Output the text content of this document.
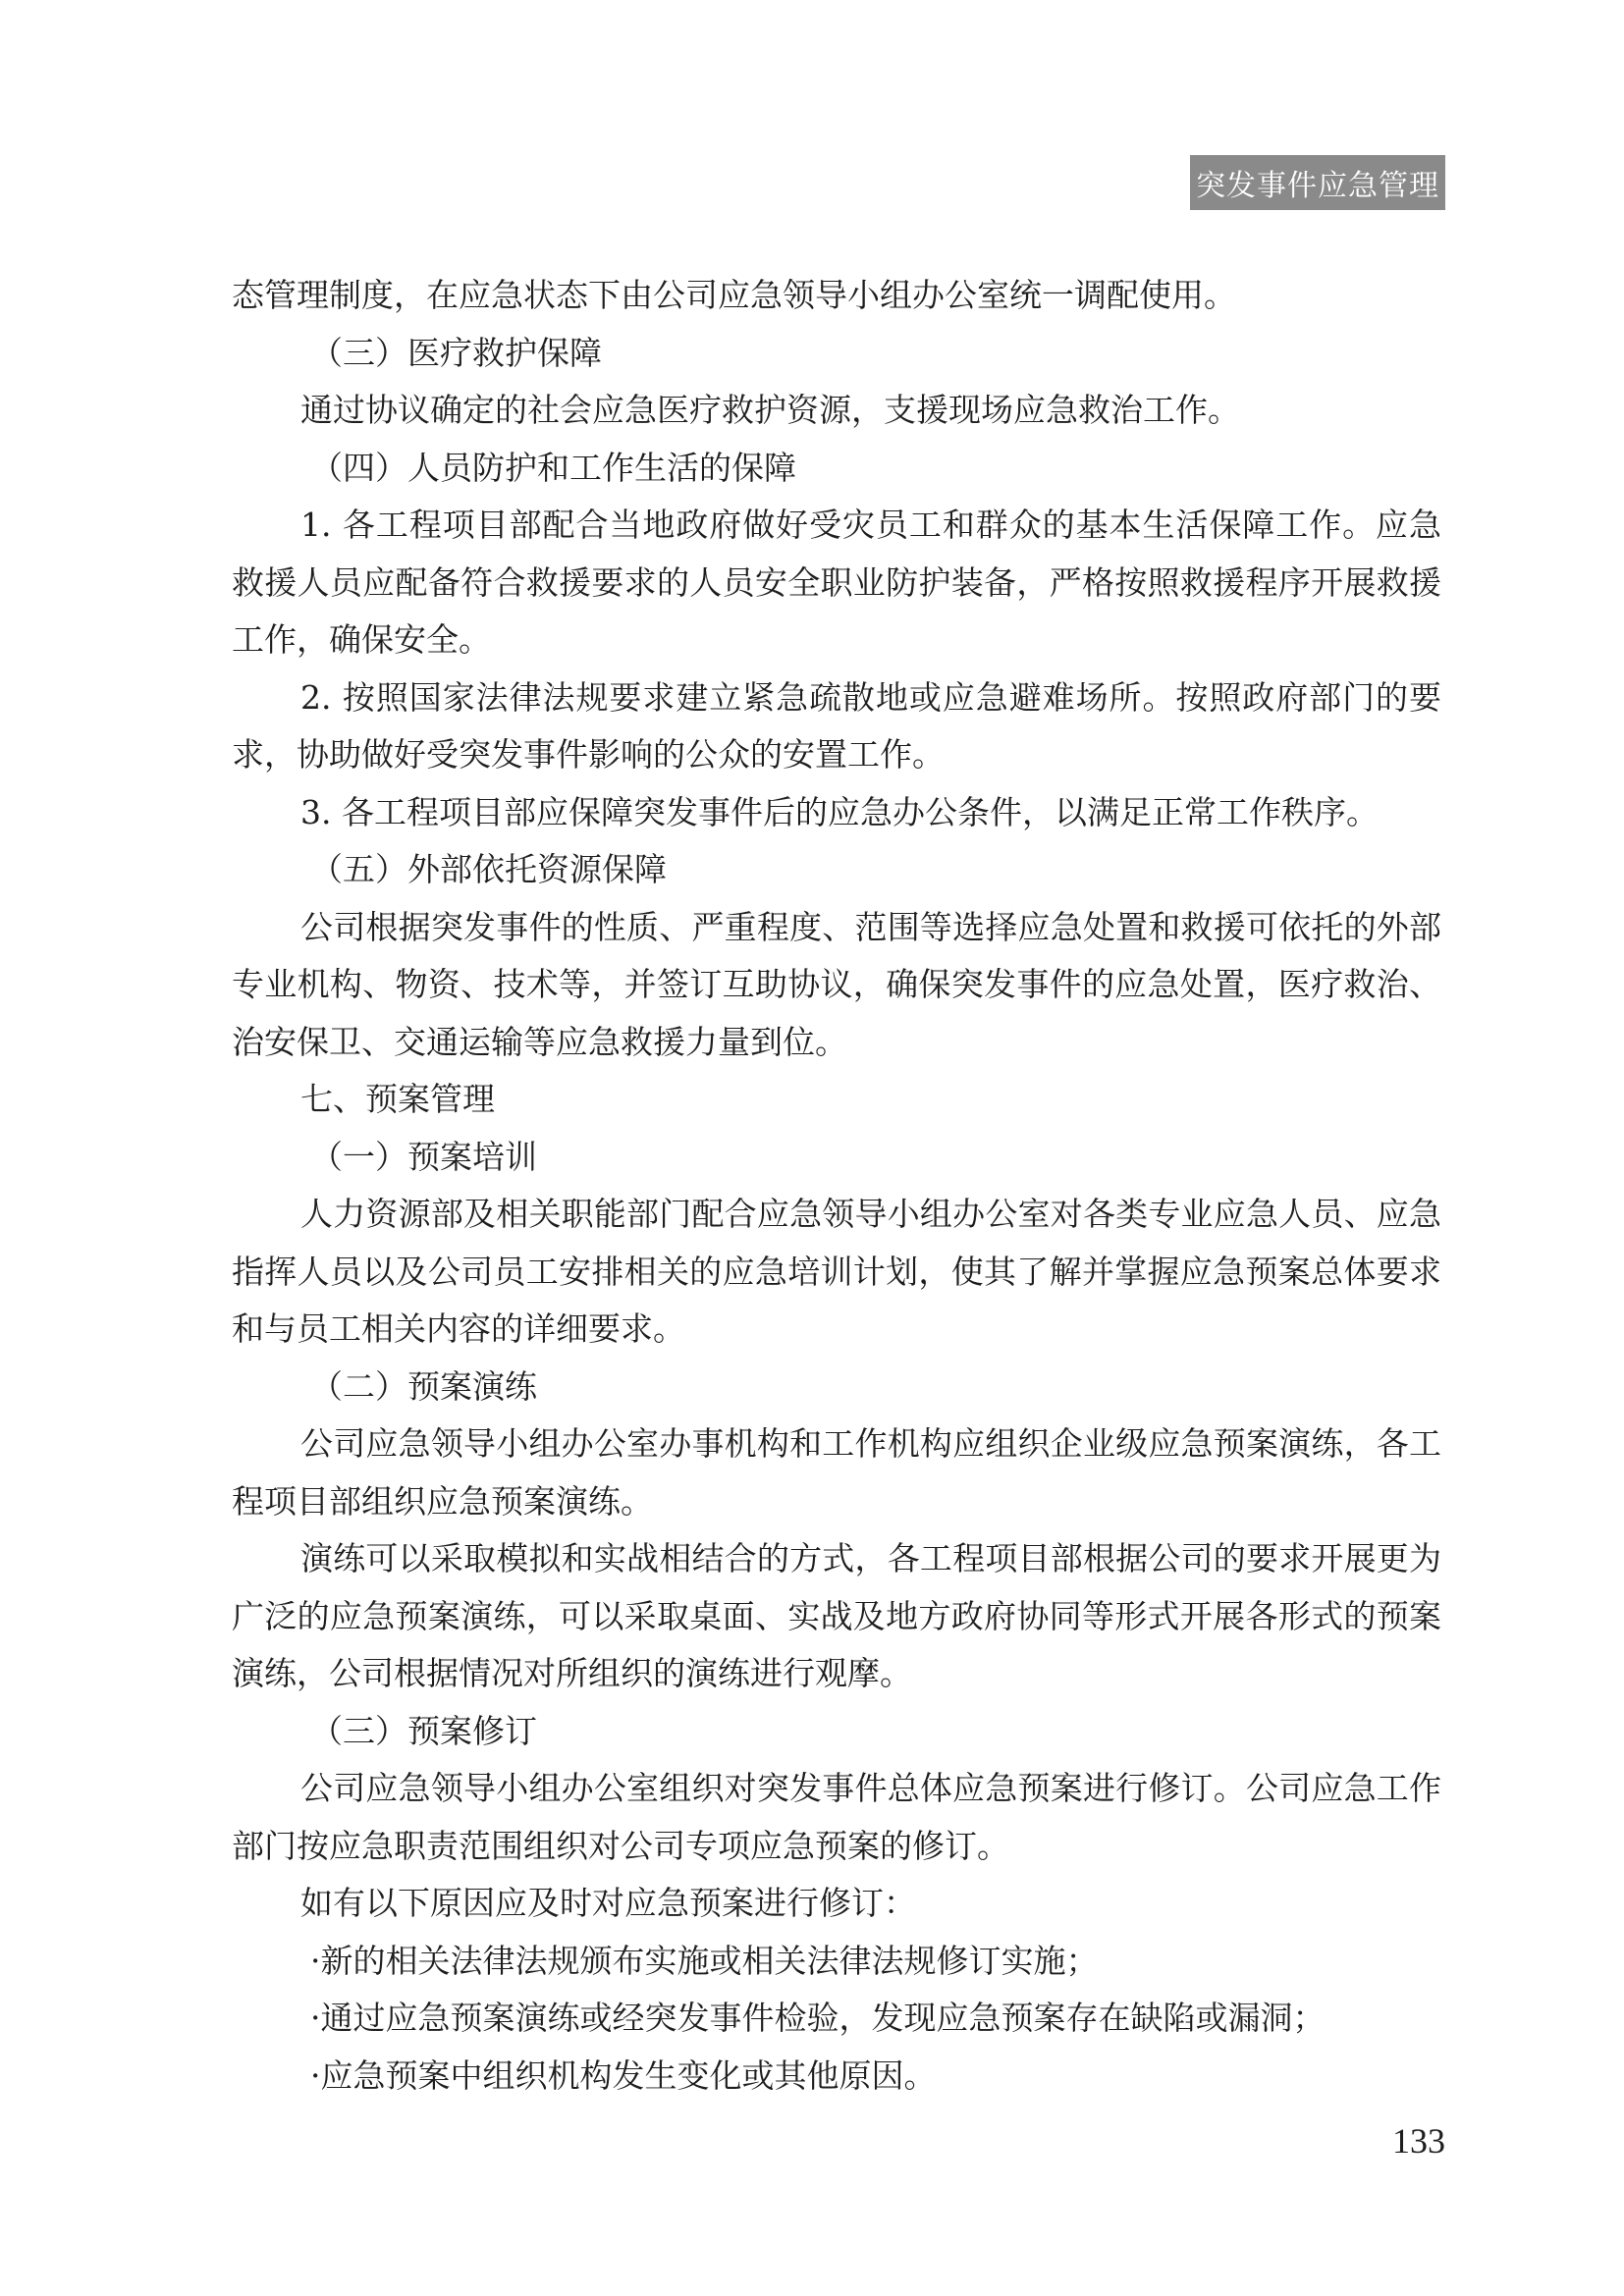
突发事件应急管理

态管理制度，在应急状态下由公司应急领导小组办公室统一调配使用。

（三）医疗救护保障

通过协议确定的社会应急医疗救护资源，支援现场应急救治工作。

（四）人员防护和工作生活的保障

1. 各工程项目部配合当地政府做好受灾员工和群众的基本生活保障工作。应急救援人员应配备符合救援要求的人员安全职业防护装备，严格按照救援程序开展救援工作，确保安全。

2. 按照国家法律法规要求建立紧急疏散地或应急避难场所。按照政府部门的要求，协助做好受突发事件影响的公众的安置工作。

3. 各工程项目部应保障突发事件后的应急办公条件，以满足正常工作秩序。

（五）外部依托资源保障

公司根据突发事件的性质、严重程度、范围等选择应急处置和救援可依托的外部专业机构、物资、技术等，并签订互助协议，确保突发事件的应急处置，医疗救治、治安保卫、交通运输等应急救援力量到位。

七、预案管理

（一）预案培训

人力资源部及相关职能部门配合应急领导小组办公室对各类专业应急人员、应急指挥人员以及公司员工安排相关的应急培训计划，使其了解并掌握应急预案总体要求和与员工相关内容的详细要求。

（二）预案演练

公司应急领导小组办公室办事机构和工作机构应组织企业级应急预案演练，各工程项目部组织应急预案演练。

演练可以采取模拟和实战相结合的方式，各工程项目部根据公司的要求开展更为广泛的应急预案演练，可以采取桌面、实战及地方政府协同等形式开展各形式的预案演练，公司根据情况对所组织的演练进行观摩。

（三）预案修订

公司应急领导小组办公室组织对突发事件总体应急预案进行修订。公司应急工作部门按应急职责范围组织对公司专项应急预案的修订。

如有以下原因应及时对应急预案进行修订：

·新的相关法律法规颁布实施或相关法律法规修订实施；

·通过应急预案演练或经突发事件检验，发现应急预案存在缺陷或漏洞；

·应急预案中组织机构发生变化或其他原因。

133
